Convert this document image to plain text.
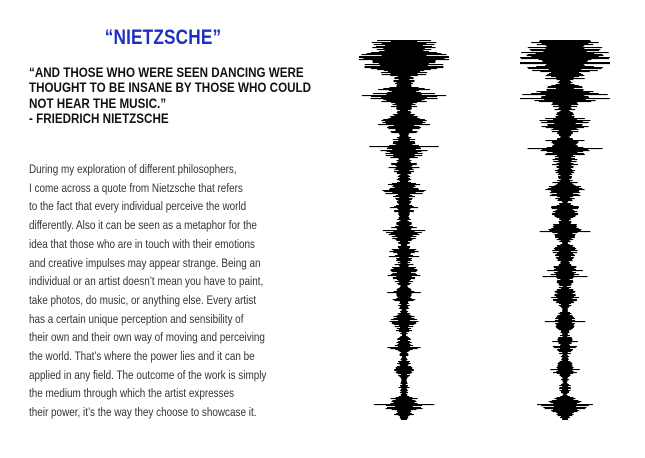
“NIETZSCHE”
“AND THOSE WHO WERE SEEN DANCING WERE
THOUGHT TO BE INSANE BY THOSE WHO COULD
NOT HEAR THE MUSIC.”
- FRIEDRICH NIETZSCHE
During my exploration of different philosophers,
I come across a quote from Nietzsche that refers
to the fact that every individual perceive the world
differently. Also it can be seen as a metaphor for the
idea that those who are in touch with their emotions
and creative impulses may appear strange. Being an
individual or an artist doesn’t mean you have to paint,
take photos, do music, or anything else. Every artist
has a certain unique perception and sensibility of
their own and their own way of moving and perceiving
the world. That’s where the power lies and it can be
applied in any field. The outcome of the work is simply
the medium through which the artist expresses
their power, it’s the way they choose to showcase it.
